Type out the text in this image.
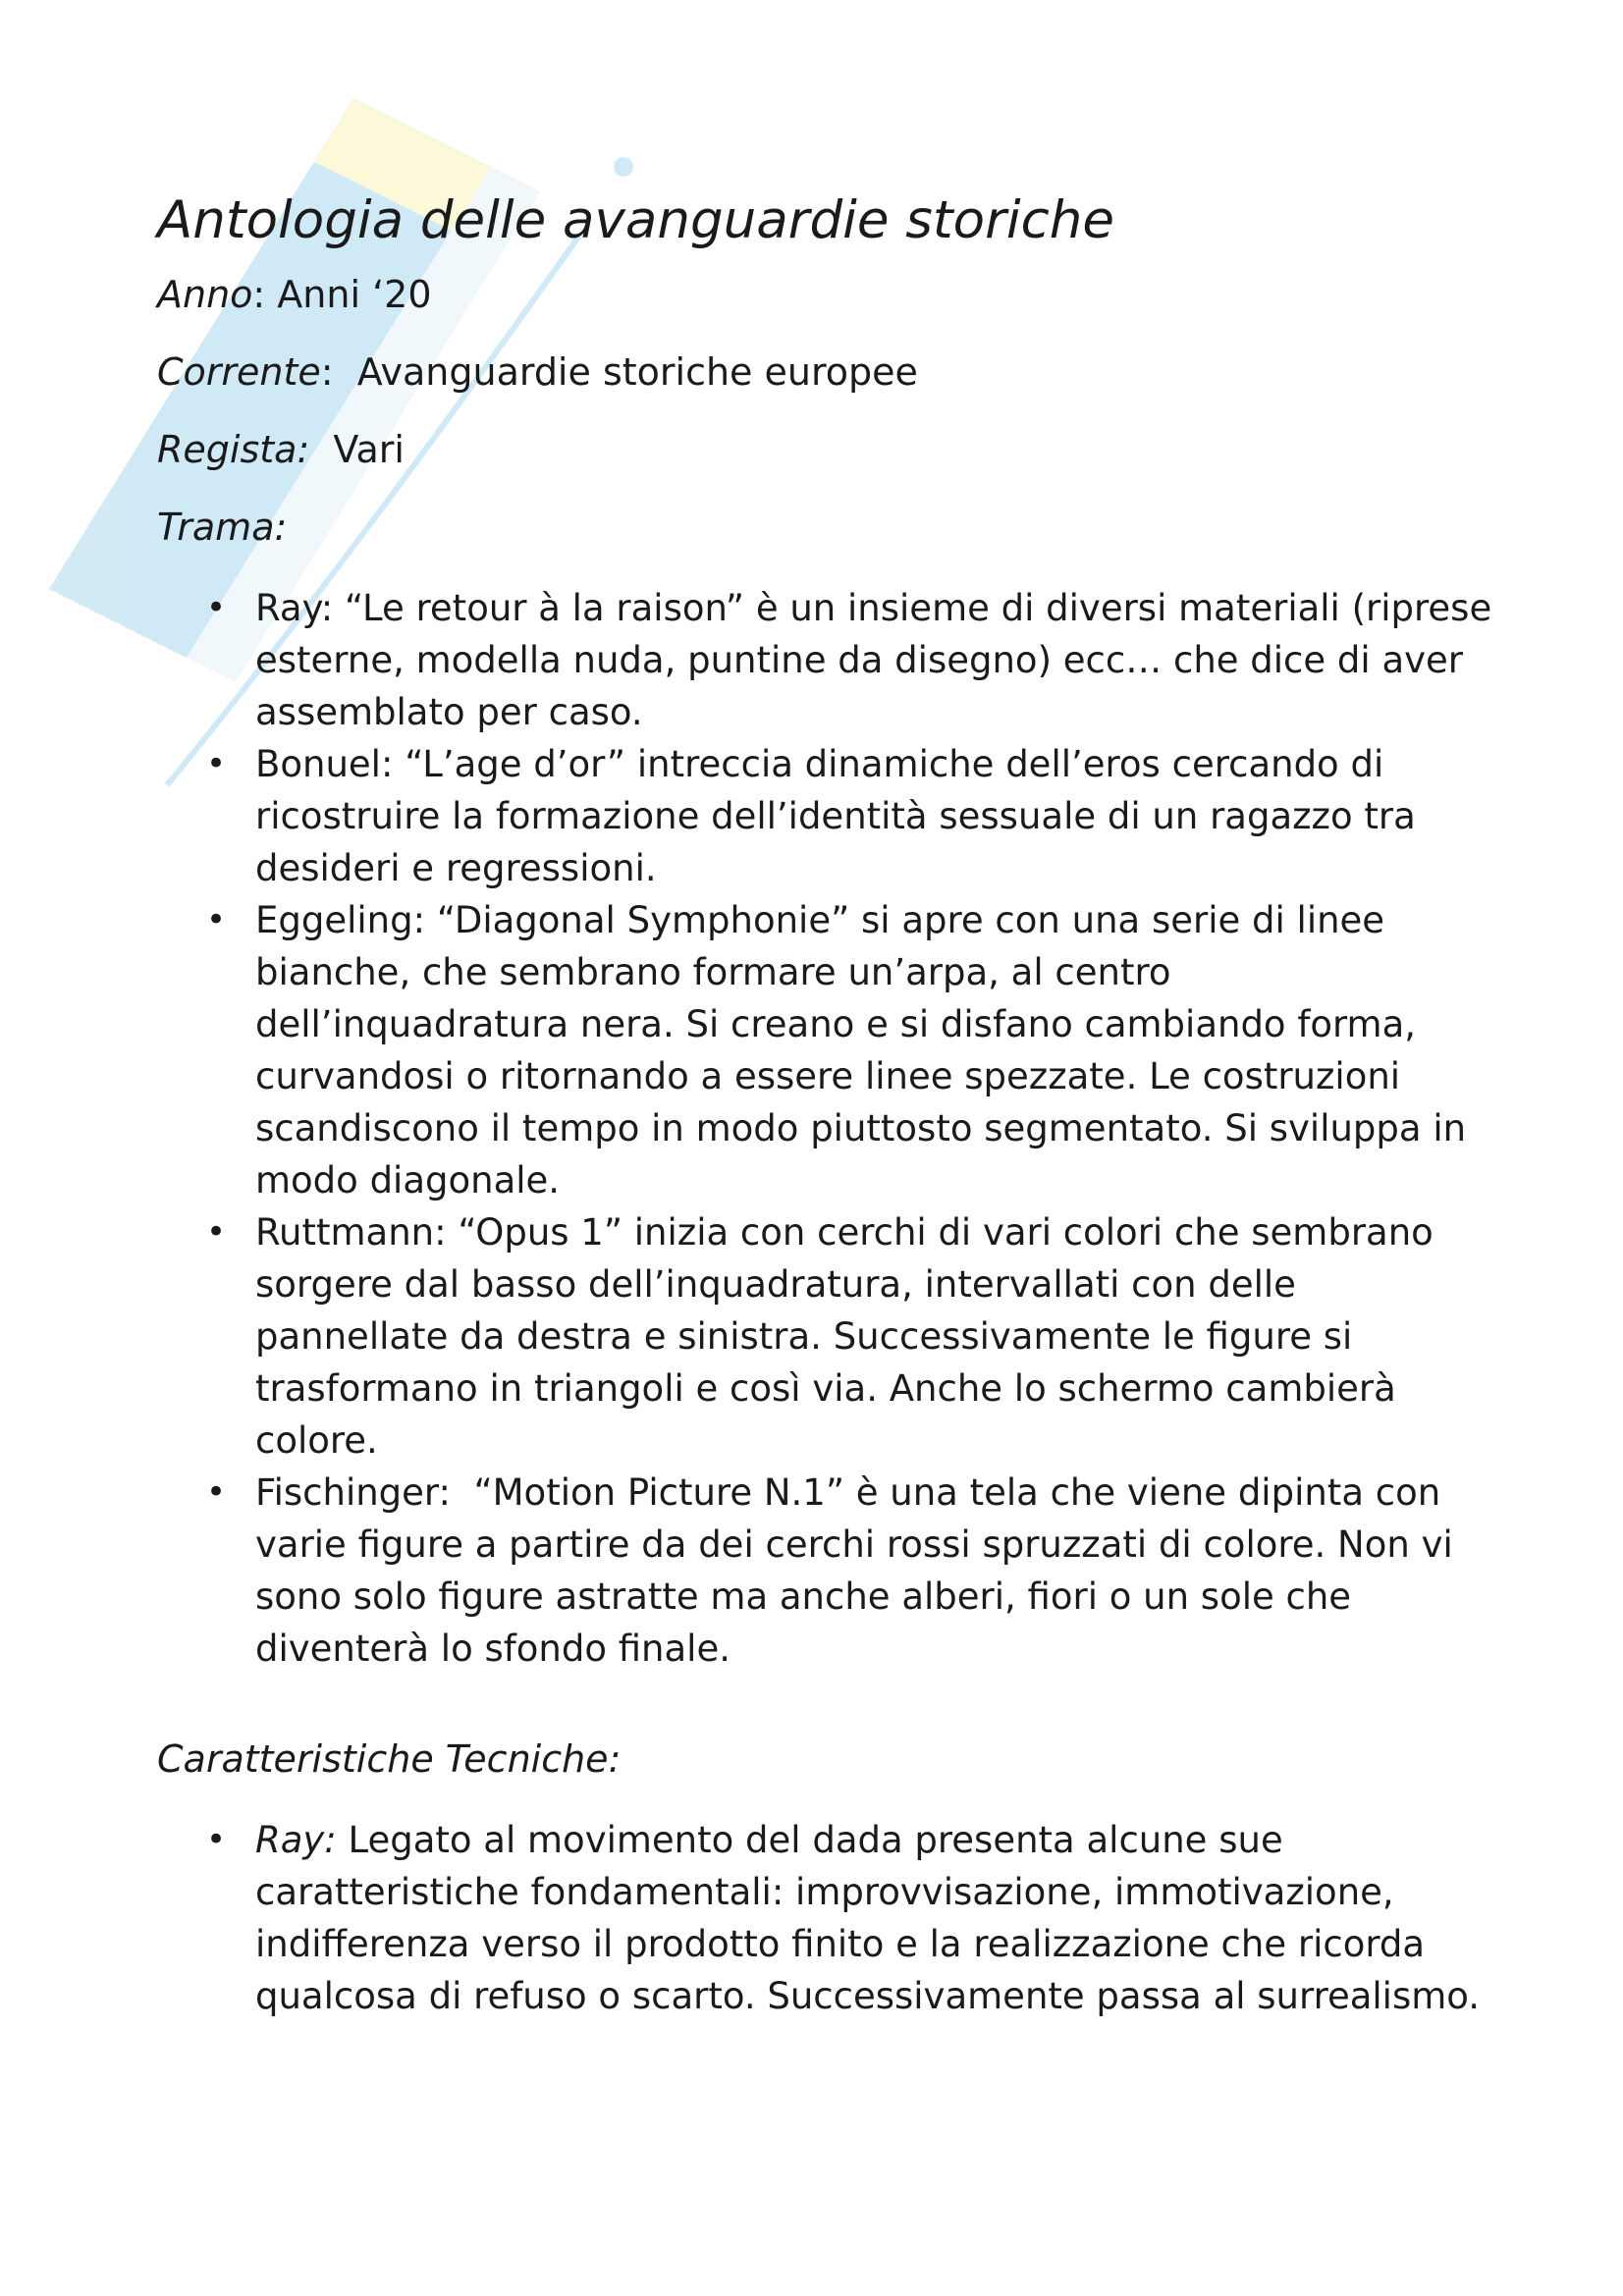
Antologia delle avanguardie storiche

Anno: Anni ‘20

Corrente:  Avanguardie storiche europee

Regista:  Vari

Trama:

• Ray: “Le retour à la raison” è un insieme di diversi materiali (riprese esterne, modella nuda, puntine da disegno) ecc… che dice di aver assemblato per caso.
• Bonuel: “L’age d’or” intreccia dinamiche dell’eros cercando di ricostruire la formazione dell’identità sessuale di un ragazzo tra desideri e regressioni.
• Eggeling: “Diagonal Symphonie” si apre con una serie di linee bianche, che sembrano formare un’arpa, al centro dell’inquadratura nera. Si creano e si disfano cambiando forma, curvandosi o ritornando a essere linee spezzate. Le costruzioni scandiscono il tempo in modo piuttosto segmentato. Si sviluppa in modo diagonale.
• Ruttmann: “Opus 1” inizia con cerchi di vari colori che sembrano sorgere dal basso dell’inquadratura, intervallati con delle pannellate da destra e sinistra. Successivamente le figure si trasformano in triangoli e così via. Anche lo schermo cambierà colore.
• Fischinger:  “Motion Picture N.1” è una tela che viene dipinta con varie figure a partire da dei cerchi rossi spruzzati di colore. Non vi sono solo figure astratte ma anche alberi, fiori o un sole che diventerà lo sfondo finale.

Caratteristiche Tecniche:

• Ray: Legato al movimento del dada presenta alcune sue caratteristiche fondamentali: improvvisazione, immotivazione, indifferenza verso il prodotto finito e la realizzazione che ricorda qualcosa di refuso o scarto. Successivamente passa al surrealismo.
